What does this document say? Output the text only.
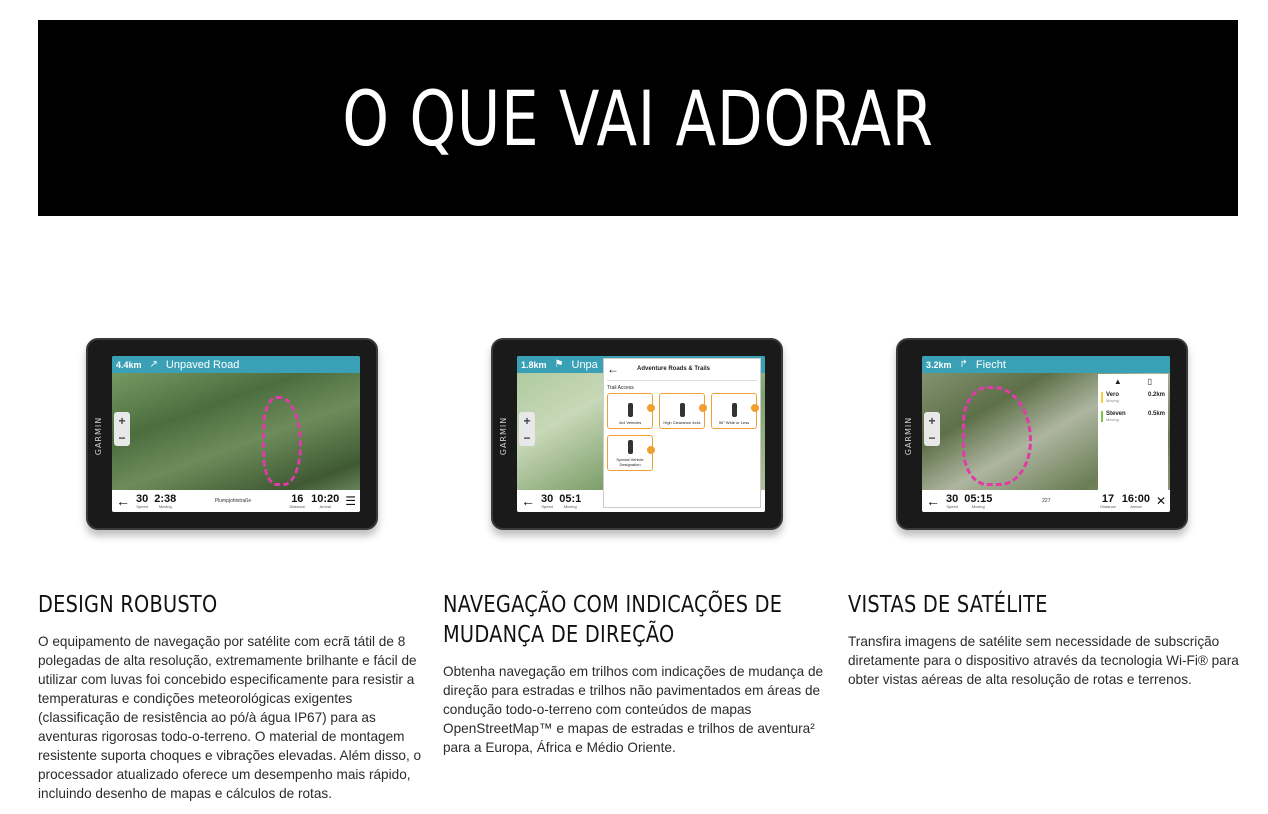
O QUE VAI ADORAR
GARMIN
4.4km ↗ Unpaved Road
+
−
← 30
Speed
2:38
Moving
Plumpjohtstraße	16
Distance
10:20
Arrival ☰
DESIGN ROBUSTO

O equipamento de navegação por satélite com ecrã tátil de 8 polegadas de alta resolução, extremamente brilhante e fácil de utilizar com luvas foi concebido especificamente para resistir a temperaturas e condições meteorológicas exigentes (classificação de resistência ao pó/à água IP67) para as aventuras rigorosas todo-o-terreno. O material de montagem resistente suporta choques e vibrações elevadas. Além disso, o processador atualizado oferece um desempenho mais rápido, incluindo desenho de mapas e cálculos de rotas.

GARMIN
1.8km ⚑ Unpa
+
−
← 30
Speed
05:1
Moving
←	Adventure Roads & Trails
Trail Access
4x4 Vehicles	High Clearance 4x4s	50" Wide or Less
Special Vehicle Designation
NAVEGAÇÃO COM INDICAÇÕES DE MUDANÇA DE DIREÇÃO

Obtenha navegação em trilhos com indicações de mudança de direção para estradas e trilhos não pavimentados em áreas de condução todo-o-terreno com conteúdos de mapas OpenStreetMap™ e mapas de estradas e trilhos de aventura² para a Europa, África e Médio Oriente.

GARMIN
3.2km ↱ Fiecht
+
−
▲	▯
Vero
Moving
0.2km
Steven
Moving
0.5km
← 30
Speed
05:15
Moving
227	17
Distance
16:00
Arrival ✕
VISTAS DE SATÉLITE

Transfira imagens de satélite sem necessidade de subscrição diretamente para o dispositivo através da tecnologia Wi-Fi® para obter vistas aéreas de alta resolução de rotas e terrenos.
